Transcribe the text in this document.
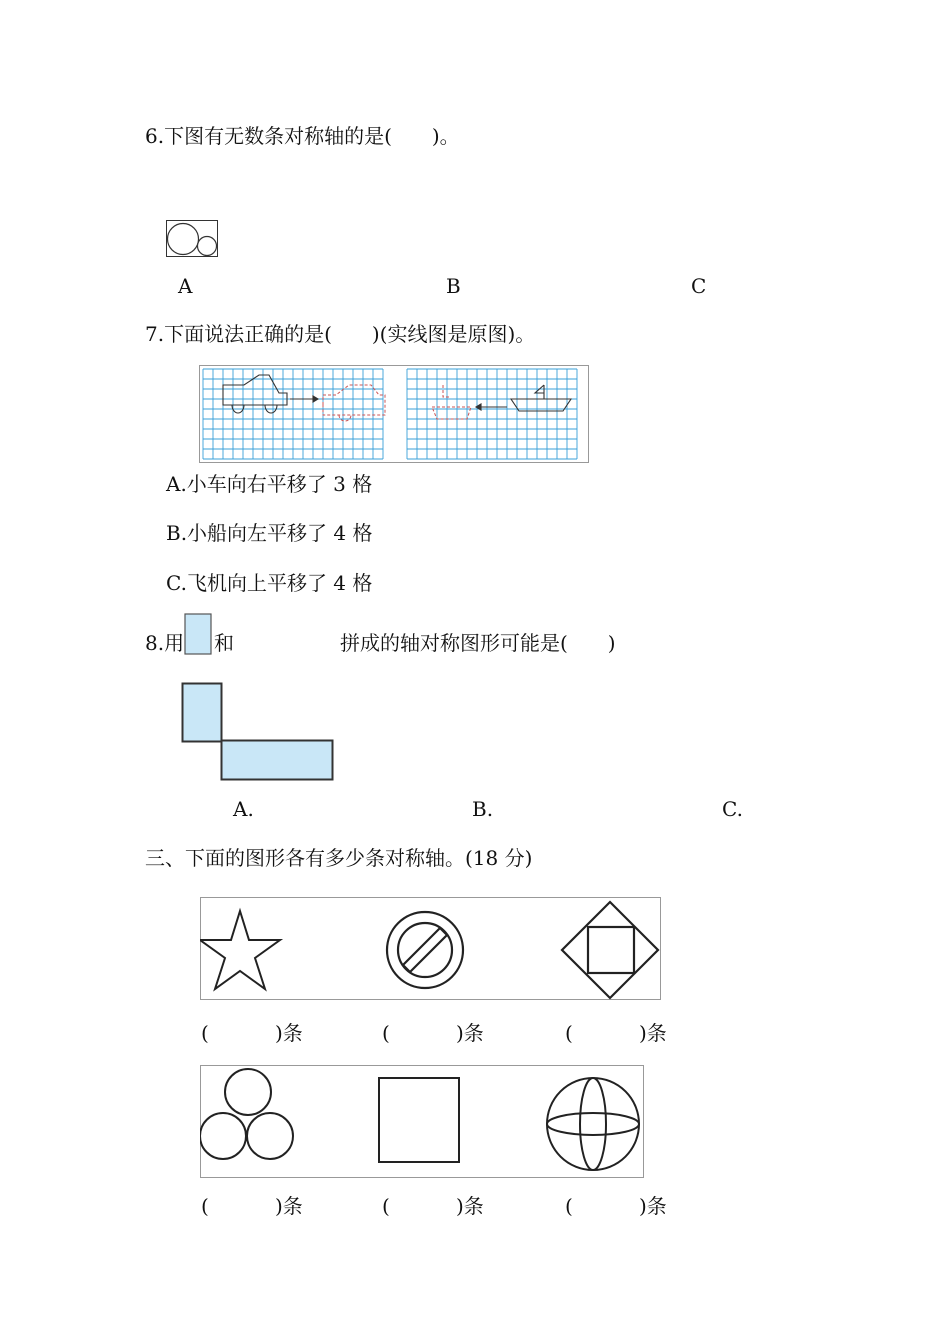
6.下图有无数条对称轴的是(　　)。
A	B	C
7.下面说法正确的是(　　)(实线图是原图)。
A.小车向右平移了 3 格
B.小船向左平移了 4 格
C.飞机向上平移了 4 格
8.用 和	拼成的轴对称图形可能是(　　)
A.	B.	C.
三、下面的图形各有多少条对称轴。(18 分)
(	)条	(	)条	(	)条
(	)条	(	)条	(	)条
